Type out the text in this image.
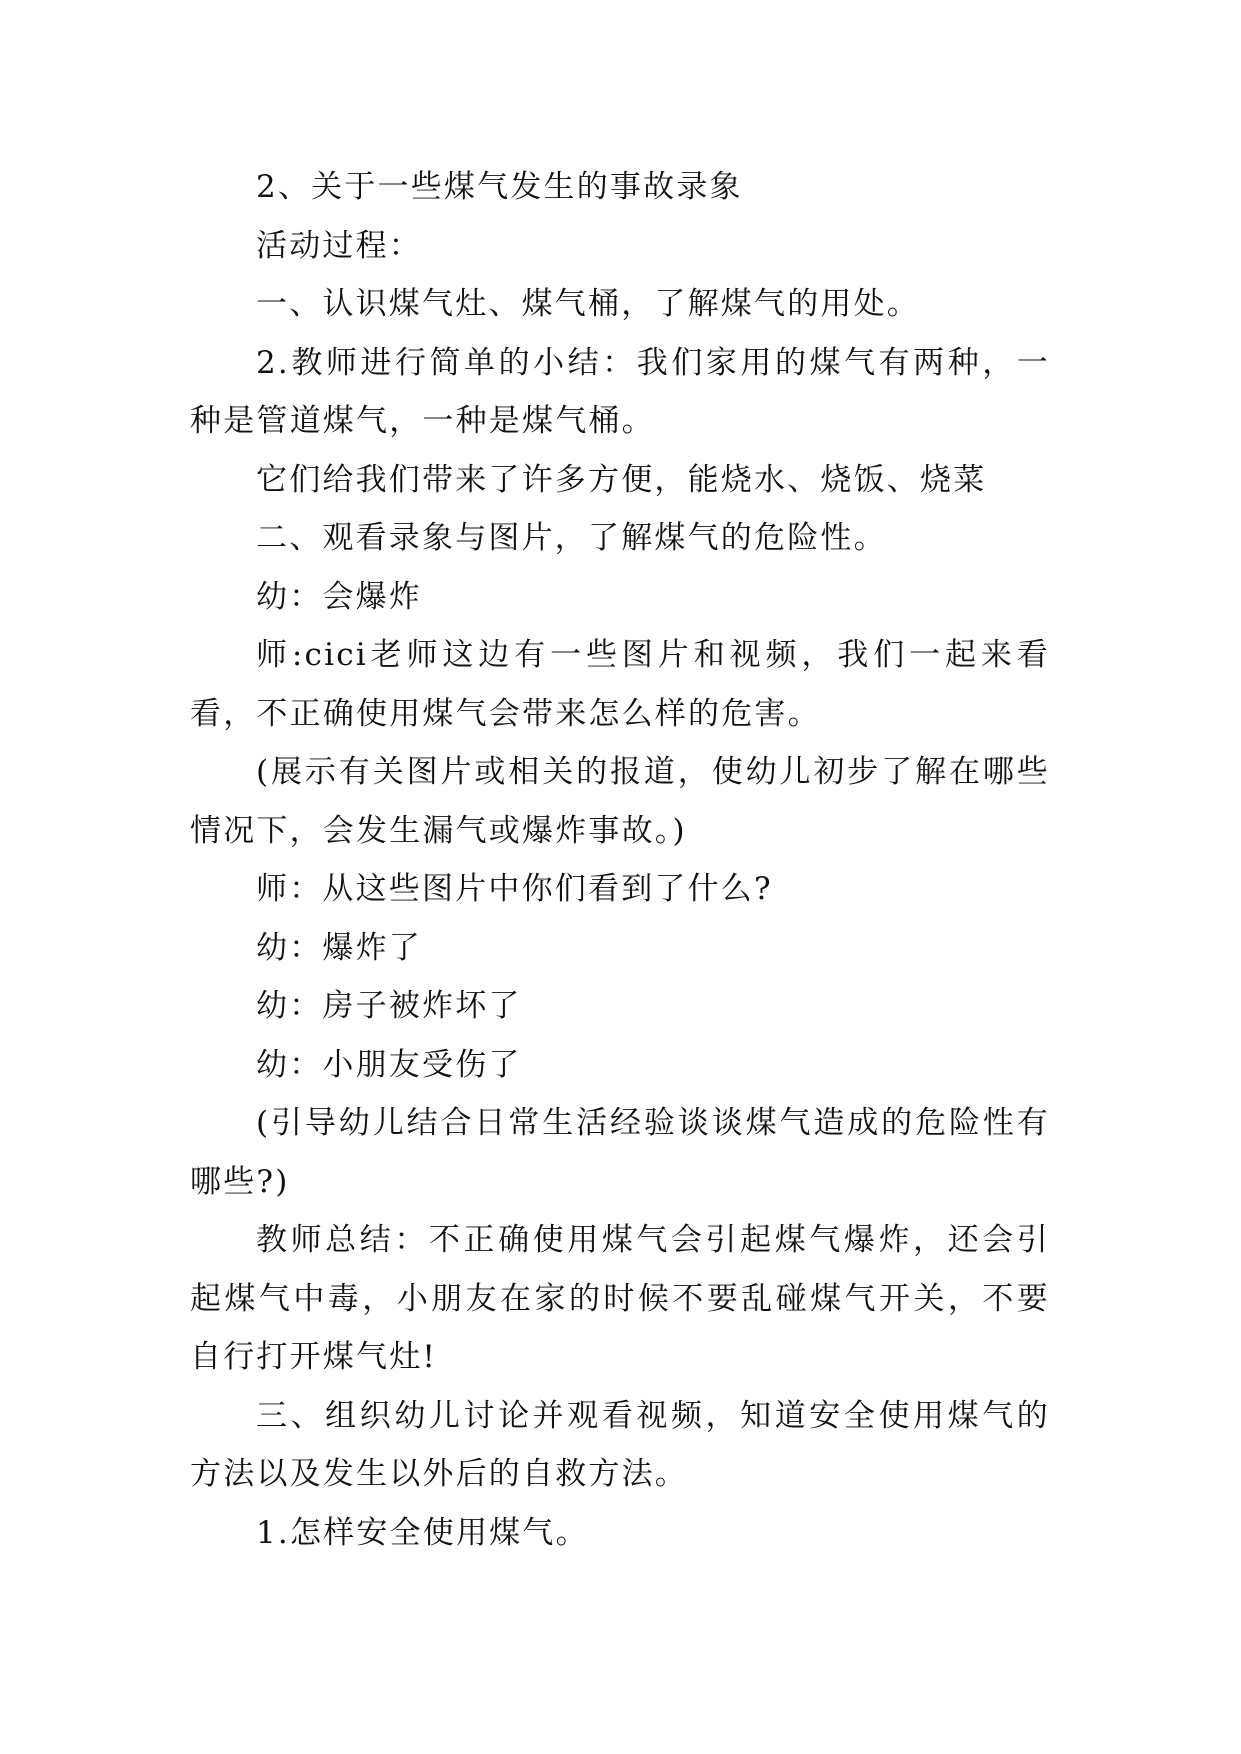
2、关于一些煤气发生的事故录象

活动过程：

一、认识煤气灶、煤气桶，了解煤气的用处。

2.教师进行简单的小结：我们家用的煤气有两种，一种是管道煤气，一种是煤气桶。

它们给我们带来了许多方便，能烧水、烧饭、烧菜

二、观看录象与图片，了解煤气的危险性。

幼：会爆炸

师:cici老师这边有一些图片和视频，我们一起来看看，不正确使用煤气会带来怎么样的危害。

(展示有关图片或相关的报道，使幼儿初步了解在哪些情况下，会发生漏气或爆炸事故。)

师：从这些图片中你们看到了什么?

幼：爆炸了

幼：房子被炸坏了

幼：小朋友受伤了

(引导幼儿结合日常生活经验谈谈煤气造成的危险性有哪些?)

教师总结：不正确使用煤气会引起煤气爆炸，还会引起煤气中毒，小朋友在家的时候不要乱碰煤气开关，不要自行打开煤气灶!

三、组织幼儿讨论并观看视频，知道安全使用煤气的方法以及发生以外后的自救方法。

1.怎样安全使用煤气。
